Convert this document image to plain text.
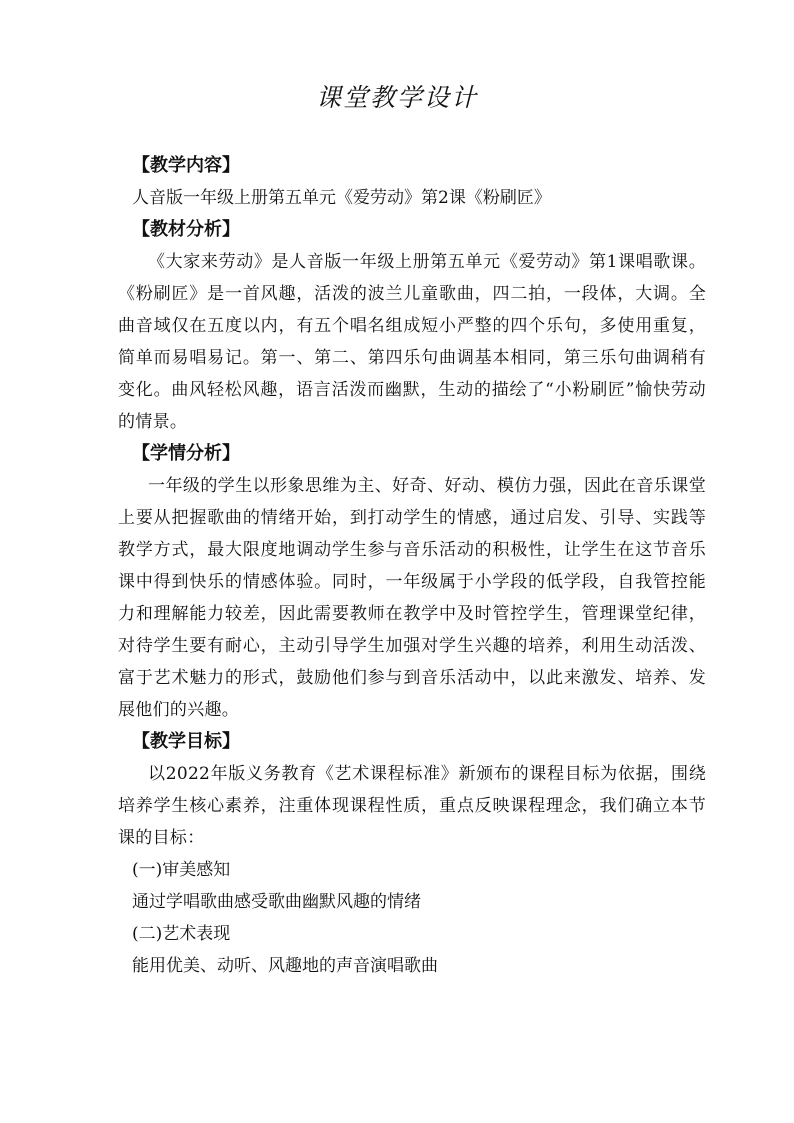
课堂教学设计

【教学内容】

人音版一年级上册第五单元《爱劳动》第2课《粉刷匠》

【教材分析】

《大家来劳动》是人音版一年级上册第五单元《爱劳动》第1课唱歌课。《粉刷匠》是一首风趣，活泼的波兰儿童歌曲，四二拍，一段体，大调。全曲音域仅在五度以内，有五个唱名组成短小严整的四个乐句，多使用重复，简单而易唱易记。第一、第二、第四乐句曲调基本相同，第三乐句曲调稍有变化。曲风轻松风趣，语言活泼而幽默，生动的描绘了“小粉刷匠”愉快劳动的情景。

【学情分析】

一年级的学生以形象思维为主、好奇、好动、模仿力强，因此在音乐课堂上要从把握歌曲的情绪开始，到打动学生的情感，通过启发、引导、实践等教学方式，最大限度地调动学生参与音乐活动的积极性，让学生在这节音乐课中得到快乐的情感体验。同时，一年级属于小学段的低学段，自我管控能力和理解能力较差，因此需要教师在教学中及时管控学生，管理课堂纪律，对待学生要有耐心，主动引导学生加强对学生兴趣的培养，利用生动活泼、富于艺术魅力的形式，鼓励他们参与到音乐活动中，以此来激发、培养、发展他们的兴趣。

【教学目标】

以2022年版义务教育《艺术课程标准》新颁布的课程目标为依据，围绕培养学生核心素养，注重体现课程性质，重点反映课程理念，我们确立本节课的目标：

(一)审美感知

通过学唱歌曲感受歌曲幽默风趣的情绪

(二)艺术表现

能用优美、动听、风趣地的声音演唱歌曲
